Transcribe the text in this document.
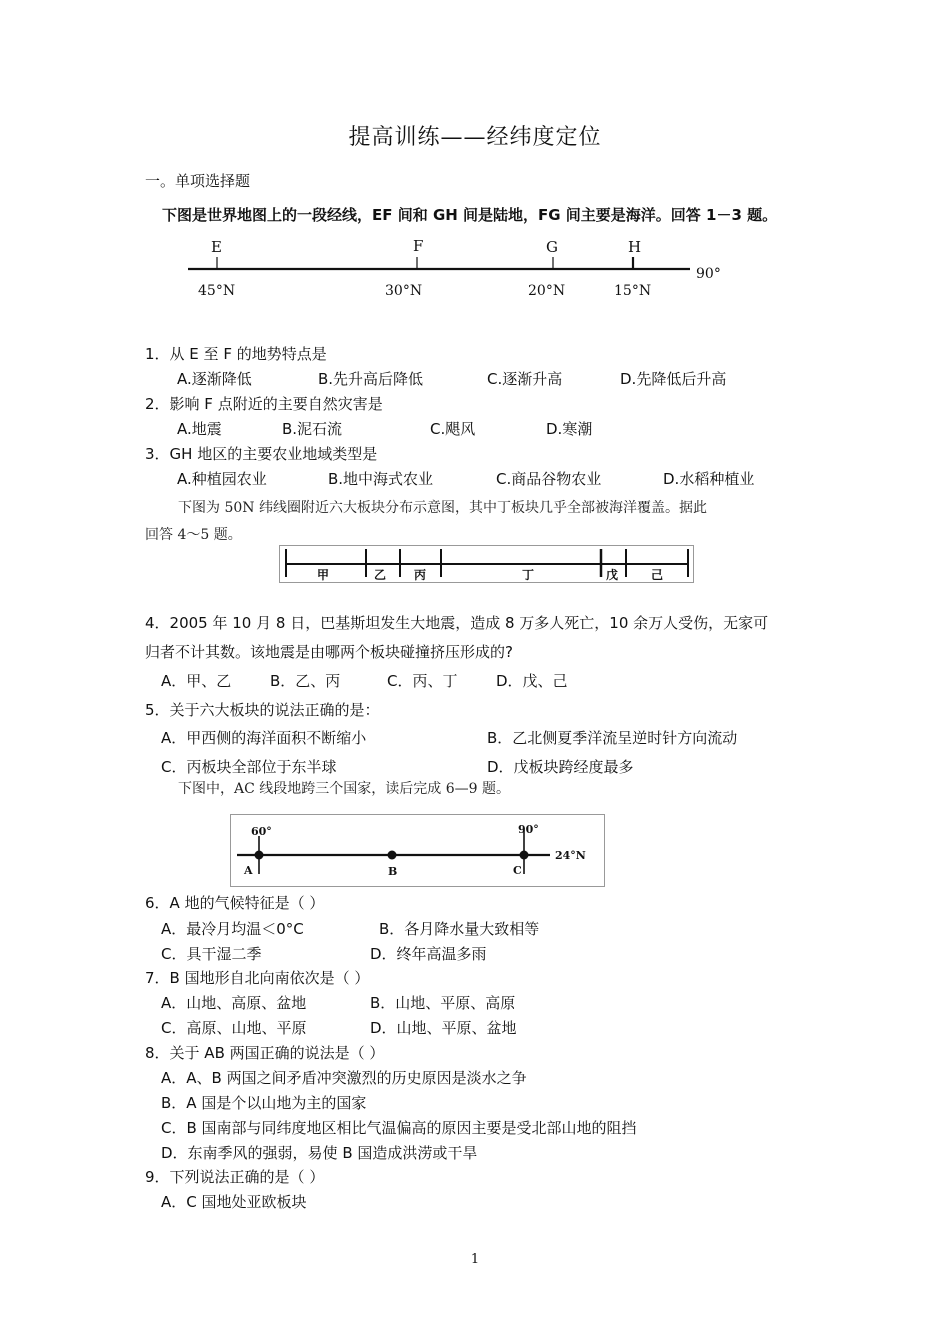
提高训练——经纬度定位
一。单项选择题
下图是世界地图上的一段经线，EF 间和 GH 间是陆地，FG 间主要是海洋。回答 1－3 题。
E	F	G	H
45°N	30°N	20°N	15°N
90°
1．从 E 至 F 的地势特点是
A.逐渐降低	B.先升高后降低	C.逐渐升高	D.先降低后升高
2．影响 F 点附近的主要自然灾害是
A.地震	B.泥石流	C.飓风	D.寒潮
3．GH 地区的主要农业地域类型是
A.种植园农业	B.地中海式农业	C.商品谷物农业	D.水稻种植业
下图为 50N 纬线圈附近六大板块分布示意图，其中丁板块几乎全部被海洋覆盖。据此
回答 4～5 题。
甲	乙 丙	丁	戊	己
4．2005 年 10 月 8 日，巴基斯坦发生大地震，造成 8 万多人死亡，10 余万人受伤，无家可
归者不计其数。该地震是由哪两个板块碰撞挤压形成的?
A．甲、乙	B．乙、丙	C．丙、丁	D．戊、己
5．关于六大板块的说法正确的是：
A．甲西侧的海洋面积不断缩小	B．乙北侧夏季洋流呈逆时针方向流动
C．丙板块全部位于东半球	D．戊板块跨经度最多
下图中，AC 线段地跨三个国家，读后完成 6—9 题。
60°	90°
24°N
A	B	C
6．A 地的气候特征是（ ）
A．最冷月均温＜0°C	B．各月降水量大致相等
C．具干湿二季	D．终年高温多雨
7．B 国地形自北向南依次是（ ）
A．山地、高原、盆地	B．山地、平原、高原
C．高原、山地、平原	D．山地、平原、盆地
8．关于 AB 两国正确的说法是（ ）
A．A、B 两国之间矛盾冲突激烈的历史原因是淡水之争
B．A 国是个以山地为主的国家
C．B 国南部与同纬度地区相比气温偏高的原因主要是受北部山地的阻挡
D．东南季风的强弱，易使 B 国造成洪涝或干旱
9．下列说法正确的是（ ）
A．C 国地处亚欧板块
1
